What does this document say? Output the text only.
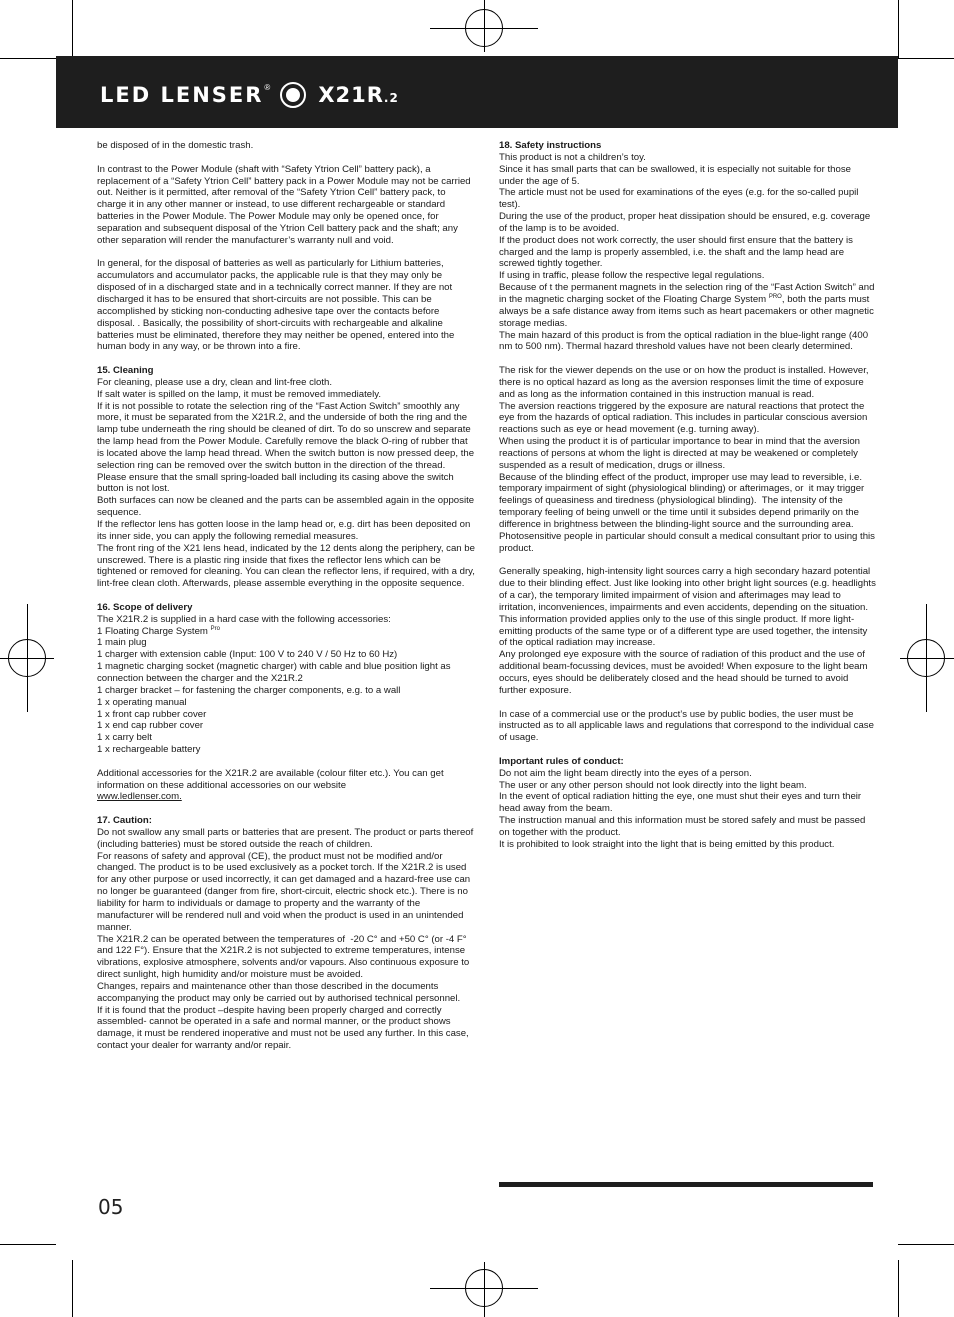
LED LENSER ® X21R.2

be disposed of in the domestic trash.

In contrast to the Power Module (shaft with “Safety Ytrion Cell” battery pack), a replacement of a “Safety Ytrion Cell” battery pack in a Power Module may not be carried out. Neither is it permitted, after removal of the “Safety Ytrion Cell” battery pack, to charge it in any other manner or instead, to use different rechargeable or standard batteries in the Power Module. The Power Module may only be opened once, for separation and subsequent disposal of the Ytrion Cell battery pack and the shaft; any other separation will render the manufacturer’s warranty null and void.

In general, for the disposal of batteries as well as particularly for Lithium batteries, accumulators and accumulator packs, the applicable rule is that they may only be disposed of in a discharged state and in a technically correct manner. If they are not discharged it has to be ensured that short-circuits are not possible. This can be accomplished by sticking non-conducting adhesive tape over the contacts before disposal. . Basically, the possibility of short-circuits with rechargeable and alkaline batteries must be eliminated, therefore they may neither be opened, entered into the human body in any way, or be thrown into a fire.

15. Cleaning

For cleaning, please use a dry, clean and lint-free cloth.

If salt water is spilled on the lamp, it must be removed immediately.

If it is not possible to rotate the selection ring of the “Fast Action Switch” smoothly any more, it must be separated from the X21R.2, and the underside of both the ring and the lamp tube underneath the ring should be cleaned of dirt. To do so unscrew and separate the lamp head from the Power Module. Carefully remove the black O-ring of rubber that is located above the lamp head thread. When the switch button is now pressed deep, the selection ring can be removed over the switch button in the direction of the thread. Please ensure that the small spring-loaded ball including its casing above the switch button is not lost.

Both surfaces can now be cleaned and the parts can be assembled again in the opposite sequence.

If the reflector lens has gotten loose in the lamp head or, e.g. dirt has been deposited on its inner side, you can apply the following remedial measures.

The front ring of the X21 lens head, indicated by the 12 dents along the periphery, can be unscrewed. There is a plastic ring inside that fixes the reflector lens which can be tightened or removed for cleaning. You can clean the reflector lens, if required, with a dry, lint-free clean cloth. Afterwards, please assemble everything in the opposite sequence.

16. Scope of delivery

The X21R.2 is supplied in a hard case with the following accessories:

1 Floating Charge System $^{Pro}$

1 main plug

1 charger with extension cable (Input: 100 V to 240 V / 50 Hz to 60 Hz)

1 magnetic charging socket (magnetic charger) with cable and blue position light as connection between the charger and the X21R.2

1 charger bracket – for fastening the charger components, e.g. to a wall

1 x operating manual

1 x front cap rubber cover

1 x end cap rubber cover

1 x carry belt

1 x rechargeable battery

Additional accessories for the X21R.2 are available (colour filter etc.). You can get information on these additional accessories on our website

www.ledlenser.com.

17. Caution:

Do not swallow any small parts or batteries that are present. The product or parts thereof (including batteries) must be stored outside the reach of children.

For reasons of safety and approval (CE), the product must not be modified and/or changed. The product is to be used exclusively as a pocket torch. If the X21R.2 is used for any other purpose or used incorrectly, it can get damaged and a hazard-free use can no longer be guaranteed (danger from fire, short-circuit, electric shock etc.). There is no liability for harm to individuals or damage to property and the warranty of the manufacturer will be rendered null and void when the product is used in an unintended manner.

The X21R.2 can be operated between the temperatures of  -20 C° and +50 C° (or -4 F° and 122 F°). Ensure that the X21R.2 is not subjected to extreme temperatures, intense vibrations, explosive atmosphere, solvents and/or vapours. Also continuous exposure to direct sunlight, high humidity and/or moisture must be avoided.

Changes, repairs and maintenance other than those described in the documents accompanying the product may only be carried out by authorised technical personnel.

If it is found that the product –despite having been properly charged and correctly assembled- cannot be operated in a safe and normal manner, or the product shows damage, it must be rendered inoperative and must not be used any further. In this case, contact your dealer for warranty and/or repair.

18. Safety instructions

This product is not a children’s toy.

Since it has small parts that can be swallowed, it is especially not suitable for those under the age of 5.

The article must not be used for examinations of the eyes (e.g. for the so-called pupil test).

During the use of the product, proper heat dissipation should be ensured, e.g. coverage of the lamp is to be avoided.

If the product does not work correctly, the user should first ensure that the battery is charged and the lamp is properly assembled, i.e. the shaft and the lamp head are screwed tightly together.

If using in traffic, please follow the respective legal regulations.

Because of t the permanent magnets in the selection ring of the “Fast Action Switch” and in the magnetic charging socket of the Floating Charge System $^{PRO}$, both the parts must always be a safe distance away from items such as heart pacemakers or other magnetic storage medias.

The main hazard of this product is from the optical radiation in the blue-light range (400 nm to 500 nm). Thermal hazard threshold values have not been clearly determined.

The risk for the viewer depends on the use or on how the product is installed. However, there is no optical hazard as long as the aversion responses limit the time of exposure and as long as the information contained in this instruction manual is read.

The aversion reactions triggered by the exposure are natural reactions that protect the eye from the hazards of optical radiation. This includes in particular conscious aversion reactions such as eye or head movement (e.g. turning away).

When using the product it is of particular importance to bear in mind that the aversion reactions of persons at whom the light is directed at may be weakened or completely suspended as a result of medication, drugs or illness.

Because of the blinding effect of the product, improper use may lead to reversible, i.e. temporary impairment of sight (physiological blinding) or afterimages, or  it may trigger feelings of queasiness and tiredness (physiological blinding).  The intensity of the temporary feeling of being unwell or the time until it subsides depend primarily on the difference in brightness between the blinding-light source and the surrounding area. Photosensitive people in particular should consult a medical consultant prior to using this product.

Generally speaking, high-intensity light sources carry a high secondary hazard potential due to their blinding effect. Just like looking into other bright light sources (e.g. headlights of a car), the temporary limited impairment of vision and afterimages may lead to irritation, inconveniences, impairments and even accidents, depending on the situation.

This information provided applies only to the use of this single product. If more light-emitting products of the same type or of a different type are used together, the intensity of the optical radiation may increase.

Any prolonged eye exposure with the source of radiation of this product and the use of additional beam-focussing devices, must be avoided! When exposure to the light beam occurs, eyes should be deliberately closed and the head should be turned to avoid further exposure.

In case of a commercial use or the product’s use by public bodies, the user must be instructed as to all applicable laws and regulations that correspond to the individual case of usage.

Important rules of conduct:

Do not aim the light beam directly into the eyes of a person.

The user or any other person should not look directly into the light beam.

In the event of optical radiation hitting the eye, one must shut their eyes and turn their head away from the beam.

The instruction manual and this information must be stored safely and must be passed on together with the product.

It is prohibited to look straight into the light that is being emitted by this product.

05
